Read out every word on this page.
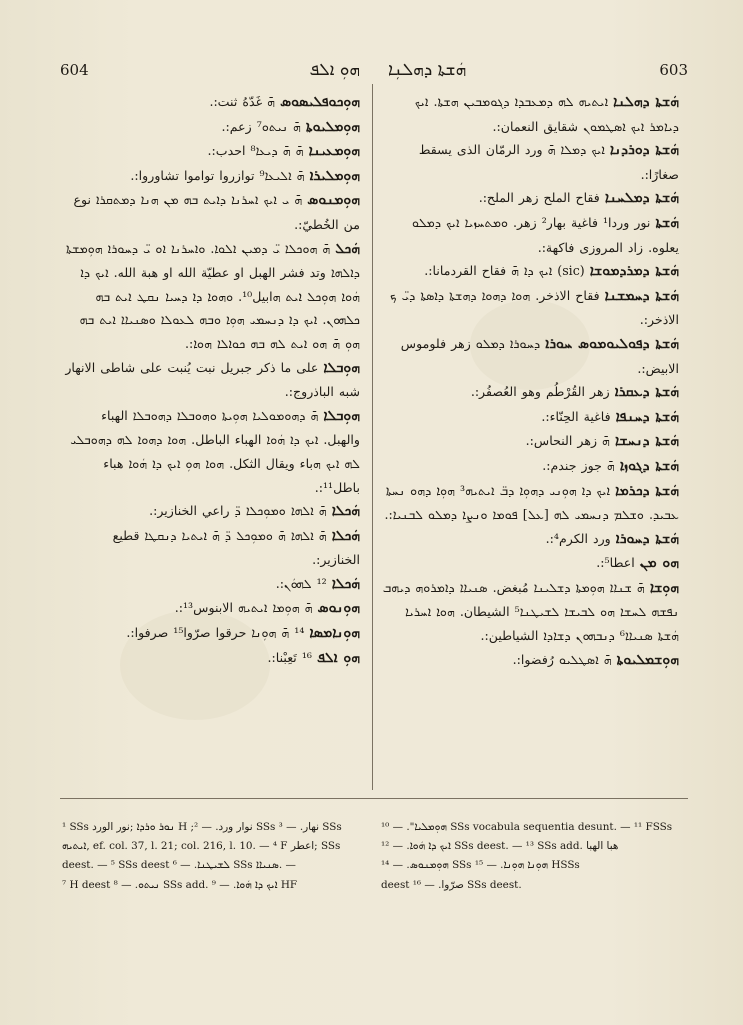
604	ܗܘܼ ܐܠܦ ܗܿܫܬܐ ܕܗܠܢܼܐ	603

ܗܿܫܬܐ ܕܗܠܢܐ ܐܝܬܝܗ ܠܗ ܕܡܥܒܕܐ ܕܓܘܡܒܝܢ ܗܫܬܐ. ܐܝܟ ܕܝܐܡܪ ܐܝܟ ܐܣܛܡܘܢ شقايق النعمان:.

ܗܿܫܬܐ ܕܘܪܕܢܐ ܐܝܟ ܕܡܠܐ ܗ̄ ورد الرمّان الذى يسقط صغارًا:.

ܗܿܫܬܐ ܕܡܠܚܢܐ فقاح الملح زهر الملح:.

ܗܿܫܬܐ نور وردا¹ فاغية بهار² زهر. ܘܡܬܚܙܝܐ ܐܝܟ ܕܡܠܘ يعلوه. زاد المروزى فاكهة:.

ܗܿܫܬܐ ܕܡܪܕܡܘܫܐ (sic) ܐܝܟ ܕܐ ܗ̄ فقاح القردمانا:.

ܗܿܫܬܐ ܕܚܡܫܢܐ فقاح الاذخر. ܗܘܐ ܕܗܘܐ ܕܗܫܬܐ ܕܐܣܬܐ ܕܝ̈ ܟ الاذخر:.

ܗܿܫܬܐ ܕܦܘܠܝܘܡܘܣ ܚܘܪܐ ܕܚܘܪܐ ܕܡܠܘ زهر فلوموس الابيض:.

ܗܿܫܬܐ ܕܥܩܪܐ زهر القُرْطُم وهو العُصفُر:.

ܗܿܫܬܐ ܕܚܢܦܐ فاغية الحِنّاء:.

ܗܿܫܬܐ ܕܢܚܫܐ ܗ̄ زهر النحاس:.

ܗܿܫܬܐ ܕܓܘܙܐ ܗ̄ جوز جندم:.

ܗܿܫܬܐ ܕܟܪܡܐ ܐܝܟ ܕܐ ܗܘܼܢܝ ܕܗܘܼܐ ܕܒ̈ ܐܝܬܝܗ³ ܗܘܼܐ ܕܗܘ ܢܚܬܐ ܥܒܝܕ. ܘܫܠܡ ܕܢܚܡܝ ܠܗ [ܥܠ] ܦܘܡܐ ܘܢܨܐ ܕܡܠܘ ܠܒܢܝܐ:.

ܗܿܫܬܐ ܕܚܘܪܐ ورد الكرم⁴:.

ܗܘ ܡܢ اعطا⁵:.

ܗܘܼܫܐ ܗ̄ ܫܢܐܐ ܗܘܼܡܬܐ ܕܫܠܝܢܐ مُبغض. ܣܢܝܐܐ ܕܐܡܪܘܗ ܕܝܗܒ ܢܦܫܗ ܠܚܫܐ ܗܘ ܠܒܝܫܐ ܠܫܝܛܢܐ⁵ الشيطان. ܗܘܐ ܐܚܪܝܐ ܗܿܫܬܐ ܣܢܝܐܐ⁶ ܕܢܒܗܘܢ ܕܫܐܕܐ الشياطين:.

ܗܘܼܫܡܠܝܘܬܐ ܗ̄ ܐܣܛܠܝܘ رُفضوا:.

ܗܘܼܟܘܦܠܝܣܘܣ ܗ̄ غَدّهُ ثنت:.

ܗܘܼܡܠܝܘܬܐ ܗ̄ ܢܝܬܘ⁷ زعم:.

ܗܘܼܡܥܝܢܐ ܗ̄ ܗ̄ ܕܝܥܐ⁸ احدب:.

ܗܘܼܡܠܝܪܐ ܗ̄ ܐܠܝܥܐ⁹ توازروا تواموا تشاوروا:.

ܗܘܼܡܢܘܣ ܗ̄ ܝ ܐܝܟ ܐܚܪܢܐ ܕܐܝܬ ܒܗ ܡܢ ܗܢܐ ܕܡܬܩܪܐ نوع من الخُطيّ:.

ܗܿܟܠ ܗ̄ ܗܘܟܠܐ ܝ̈ ܕܡܝܢ ܐܠܘܐ. ܘܐܚܪܢܐ ܐܘ ܝ̈ ܕܚܘܪܐ ܗܘܼܡܫܬܐ ܕܐܠܗܐ وتد فشر الهبل او عطيّة الله او هبة الله. ܐܝܟ ܕܐ ܗܿܘܐ ܗܘܼܟܠ ܐܝܬ ܗابيل¹⁰. ܘܗܘܐ ܕܐ ܕܚܝܐ ܢܩܛ ܐܝܬ ܒܗ ܟܠܗܘܢ. ܐܝܟ ܕܐ ܕܢܚܡܝ ܗܘܼܐ ܘܒܗ ܠܥܘܠܐ ܘܣܢܝܐܐ ܐܝܬ ܒܗ ܗܘܼ ܗ̄ ܗܘ ܐܝܬ ܠܗ ܒܗ ܟܘܐܠܐ ܗܘܐ:.

ܗܘܼܒܠܐ على ما ذكر جبريل نبت يُنبت على شاطى الانهار شبه الباذروج:.

ܗܘܼܒܠܐ ܗ̄ ܕܗܘܡܘܠܝܐ ܗܘܼܝܬܐ ܘܗܘܒܠܐ ܕܗܘܒܠܐ الهباء والهبل. ܐܝܟ ܕܐ ܗܿܘܐ الهباء الباطل. ܗܘܐ ܕܗܘܐ ܠܗ ܕܗܘܒܠܝ ܠܗ ܐܝܟ ܗباء ويقال الثكل. ܗܘܐ ܗܘܼ ܐܝܟ ܕܐ ܗܿܘܐ هباء باطل¹¹:.

ܗܿܟܠܐ ܗ̄ ܐܠܗܐ ܘܡܘܼܟܠܐ ܕ̈ راعي الخنازير:.

ܗܿܟܠܐ ܗ̄ ܐܠܗܐ ܗ̄ ܘܡܘܼܟܠ ܕ̈ ܗ̄ ܐܝܬܝܐ ܕܢܩܛܐ قطيع الخنازير:.

ܗܿܟܠܐ ¹² ܠܗܘܿܢ:.

ܗܘܼܢܘܣ ܗ̄ ܗܘܼܡܐ ܐܝܬܝܗ الابنوس¹³:.

ܗܘܼܢܐܡܣܐ ¹⁴ ܗ̄ ܗܘܼܢܐ حرقوا صرّوا¹⁵ صرفوا:.

ܗܘܼ ܐܠܦ ¹⁶ تَعِبْنا:.

¹ SSs ܢܘܪ ܘܪܕܐ ;نور الورد H ;نوار ورد. — ² SSs نهار. — ³ SSs

ܐܝܬܝܗ, ef. col. 37, l. 21; col. 216, l. 10. — ⁴ F اعطر; SSs

deest. — ⁵ SSs deest ܠܫܝܛܢܐ. — ⁶ SSs ܣܢܝܐܐ. —

⁷ H deest ܢܝܬܘ. — ⁸ SSs add. ܐܝܟ ܕܐ ܗܿܘܐ. — ⁹ HF

ܗܘܼܡܠܝܐ". — ¹⁰ SSs vocabula sequentia desunt. — ¹¹ FSSs

ܐܝܟ ܕܐ ܗܿܘܐ. — ¹² SSs deest. — ¹³ SSs add. هبا الهبا

ܗܘܼܡܢܘܣ. — ¹⁴ SSs ܗܘܼܢܐ ܗܘܼܢܐ. — ¹⁵ HSSs

deest صرّوا. — ¹⁶ SSs deest.
